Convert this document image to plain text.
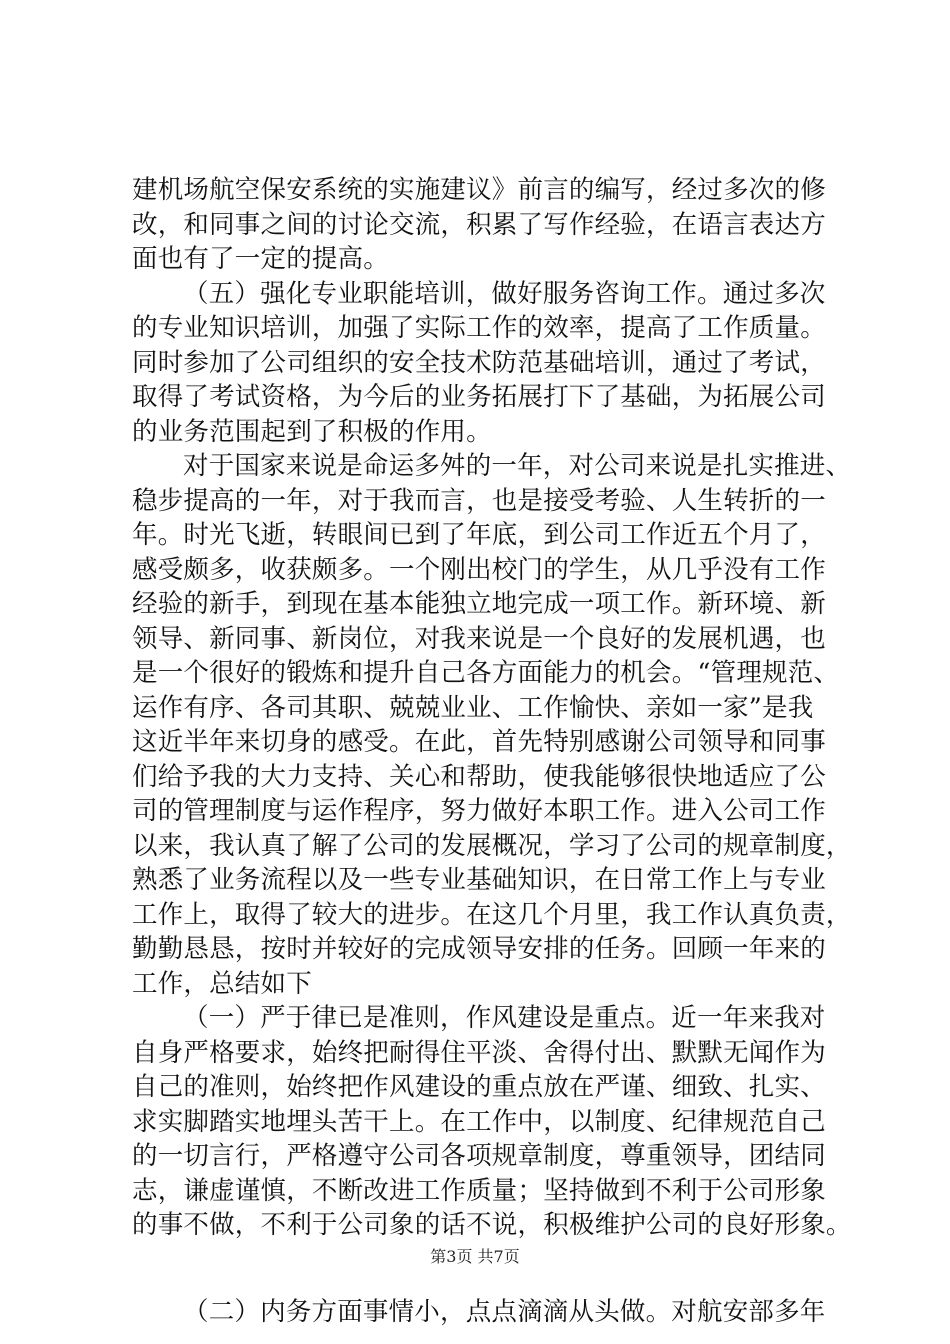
建机场航空保安系统的实施建议》前言的编写，经过多次的修
改，和同事之间的讨论交流，积累了写作经验，在语言表达方
面也有了一定的提高。
（五）强化专业职能培训，做好服务咨询工作。通过多次
的专业知识培训，加强了实际工作的效率，提高了工作质量。
同时参加了公司组织的安全技术防范基础培训，通过了考试，
取得了考试资格，为今后的业务拓展打下了基础，为拓展公司
的业务范围起到了积极的作用。
对于国家来说是命运多舛的一年，对公司来说是扎实推进、
稳步提高的一年，对于我而言，也是接受考验、人生转折的一
年。时光飞逝，转眼间已到了年底，到公司工作近五个月了，
感受颇多，收获颇多。一个刚出校门的学生，从几乎没有工作
经验的新手，到现在基本能独立地完成一项工作。新环境、新
领导、新同事、新岗位，对我来说是一个良好的发展机遇，也
是一个很好的锻炼和提升自己各方面能力的机会。“管理规范、
运作有序、各司其职、兢兢业业、工作愉快、亲如一家”是我
这近半年来切身的感受。在此，首先特别感谢公司领导和同事
们给予我的大力支持、关心和帮助，使我能够很快地适应了公
司的管理制度与运作程序，努力做好本职工作。进入公司工作
以来，我认真了解了公司的发展概况，学习了公司的规章制度，
熟悉了业务流程以及一些专业基础知识，在日常工作上与专业
工作上，取得了较大的进步。在这几个月里，我工作认真负责，
勤勤恳恳，按时并较好的完成领导安排的任务。回顾一年来的
工作，总结如下
（一）严于律已是准则，作风建设是重点。近一年来我对
自身严格要求，始终把耐得住平淡、舍得付出、默默无闻作为
自己的准则，始终把作风建设的重点放在严谨、细致、扎实、
求实脚踏实地埋头苦干上。在工作中，以制度、纪律规范自己
的一切言行，严格遵守公司各项规章制度，尊重领导，团结同
志，谦虚谨慎，不断改进工作质量；坚持做到不利于公司形象
的事不做，不利于公司象的话不说，积极维护公司的良好形象。
（二）内务方面事情小，点点滴滴从头做。对航安部多年
第3页 共7页
